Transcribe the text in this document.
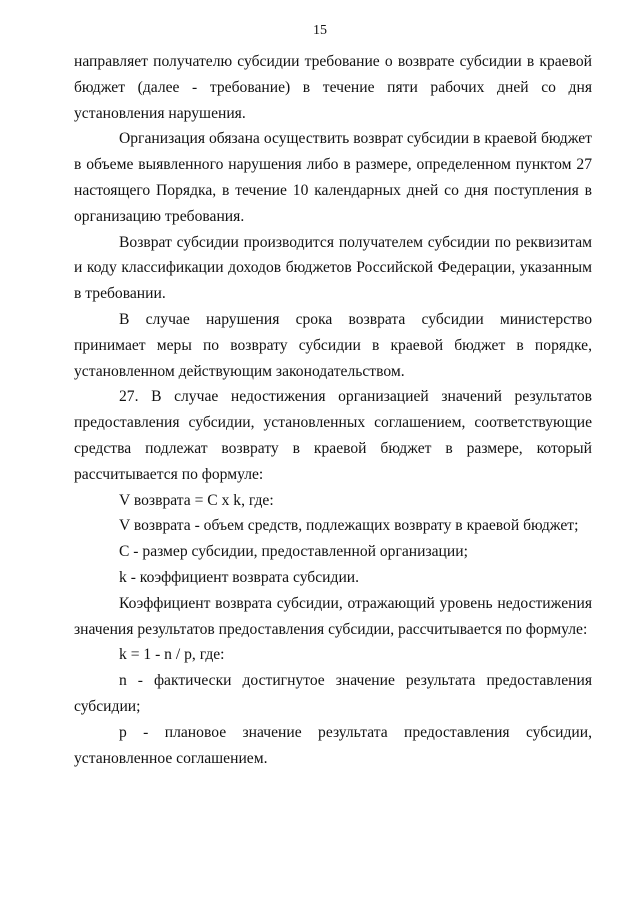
15

направляет получателю субсидии требование о возврате субсидии в краевой бюджет (далее - требование) в течение пяти рабочих дней со дня установления нарушения.

Организация обязана осуществить возврат субсидии в краевой бюджет в объеме выявленного нарушения либо в размере, определенном пунктом 27 настоящего Порядка, в течение 10 календарных дней со дня поступления в организацию требования.

Возврат субсидии производится получателем субсидии по реквизитам и коду классификации доходов бюджетов Российской Федерации, указанным в требовании.

В случае нарушения срока возврата субсидии министерство принимает меры по возврату субсидии в краевой бюджет в порядке, установленном действующим законодательством.

27. В случае недостижения организацией значений результатов предоставления субсидии, установленных соглашением, соответствующие средства подлежат возврату в краевой бюджет в размере, который рассчитывается по формуле:

V возврата = C x k, где:

V возврата - объем средств, подлежащих возврату в краевой бюджет;

C - размер субсидии, предоставленной организации;

k - коэффициент возврата субсидии.

Коэффициент возврата субсидии, отражающий уровень недостижения значения результатов предоставления субсидии, рассчитывается по формуле:

k = 1 - n / p, где:

n - фактически достигнутое значение результата предоставления субсидии;

p - плановое значение результата предоставления субсидии, установленное соглашением.
